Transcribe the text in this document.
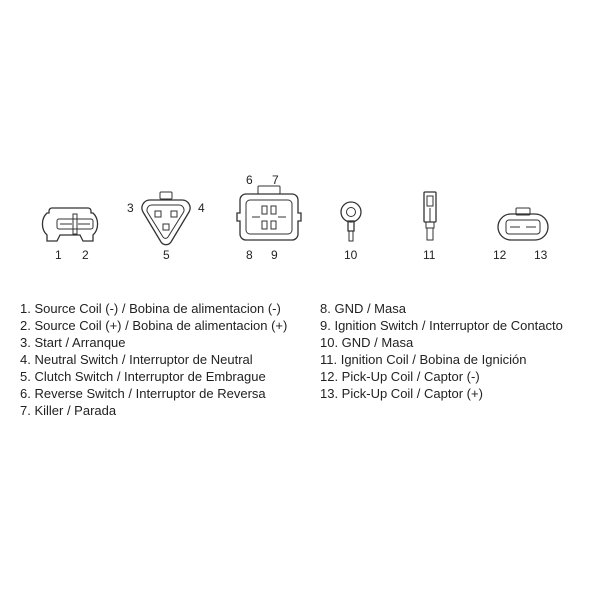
1 2
3	4
5
6 7
8 9	10	11	12 13
1. Source Coil (-) / Bobina de alimentacion (-)
2. Source Coil (+) / Bobina de alimentacion (+)
3. Start / Arranque
4. Neutral Switch / Interruptor de Neutral
5. Clutch Switch / Interruptor de Embrague
6. Reverse Switch / Interruptor de Reversa
7. Killer / Parada
8. GND / Masa
9. Ignition Switch / Interruptor de Contacto
10. GND / Masa
11. Ignition Coil / Bobina de Ignición
12. Pick-Up Coil / Captor (-)
13. Pick-Up Coil / Captor (+)
